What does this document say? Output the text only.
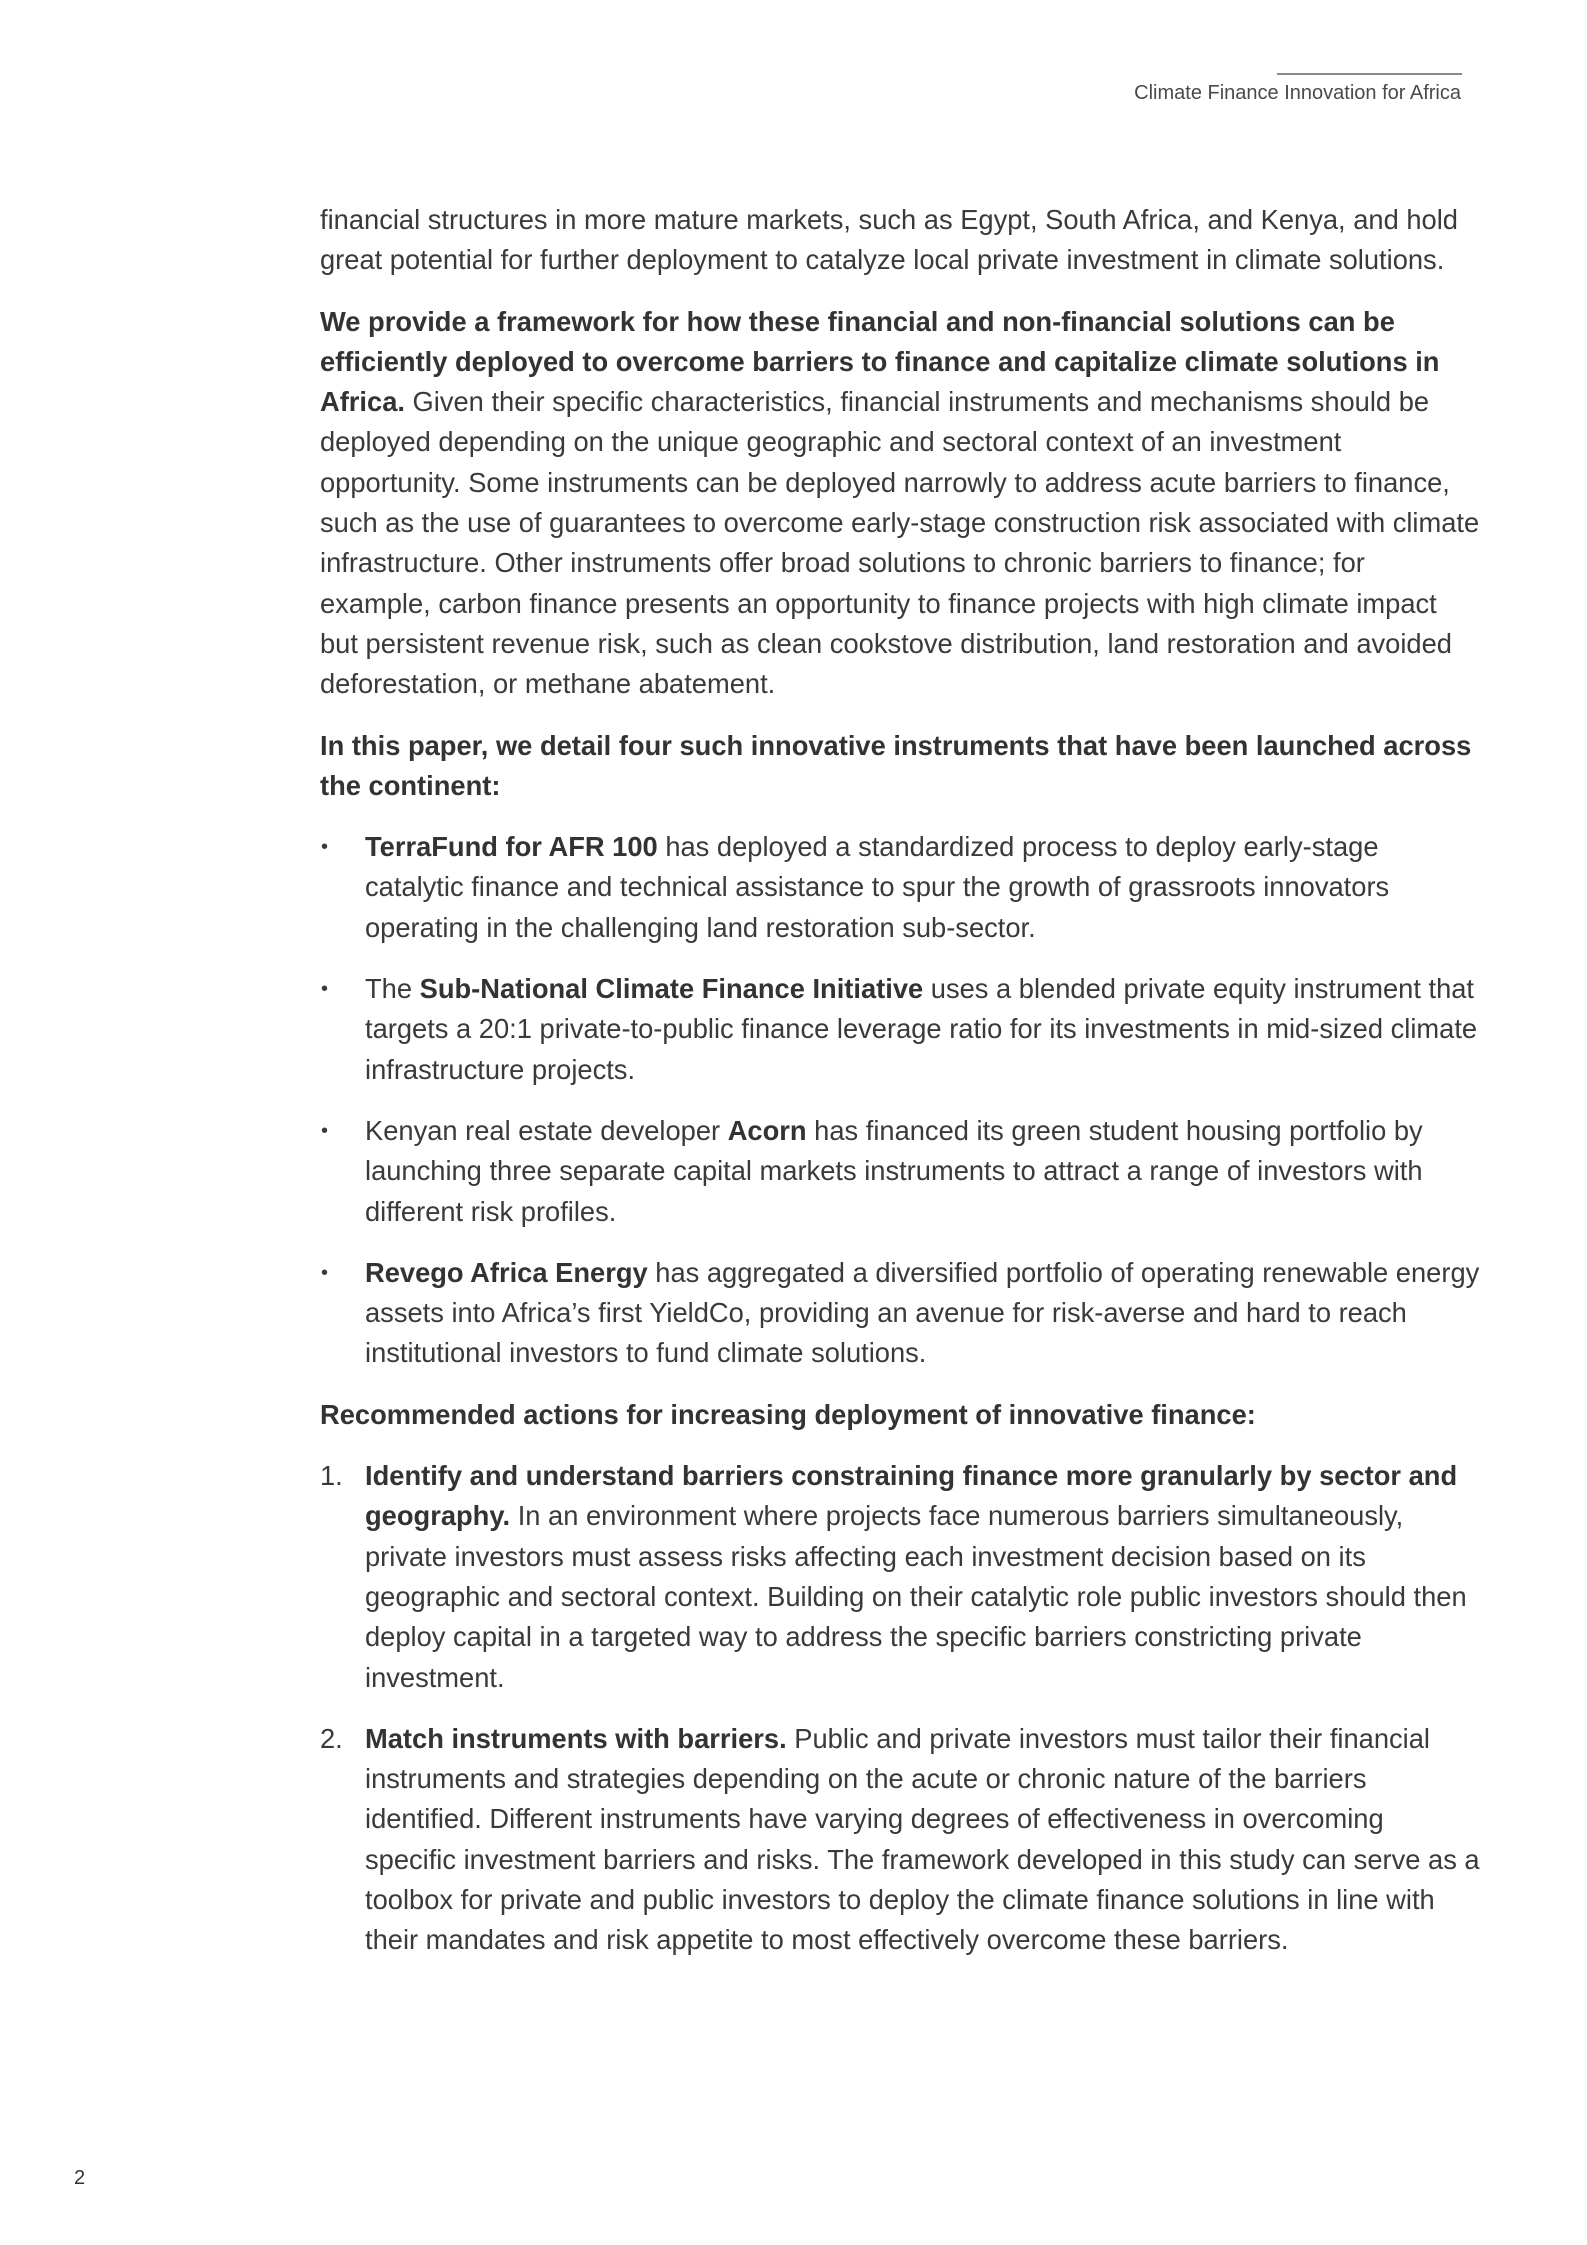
Climate Finance Innovation for Africa

financial structures in more mature markets, such as Egypt, South Africa, and Kenya, and hold great potential for further deployment to catalyze local private investment in climate solutions.

We provide a framework for how these financial and non-financial solutions can be efficiently deployed to overcome barriers to finance and capitalize climate solutions in Africa. Given their specific characteristics, financial instruments and mechanisms should be deployed depending on the unique geographic and sectoral context of an investment opportunity. Some instruments can be deployed narrowly to address acute barriers to finance, such as the use of guarantees to overcome early-stage construction risk associated with climate infrastructure. Other instruments offer broad solutions to chronic barriers to finance; for example, carbon finance presents an opportunity to finance projects with high climate impact but persistent revenue risk, such as clean cookstove distribution, land restoration and avoided deforestation, or methane abatement.

In this paper, we detail four such innovative instruments that have been launched across the continent:

• TerraFund for AFR 100 has deployed a standardized process to deploy early-stage catalytic finance and technical assistance to spur the growth of grassroots innovators operating in the challenging land restoration sub-sector.
• The Sub-National Climate Finance Initiative uses a blended private equity instrument that targets a 20:1 private-to-public finance leverage ratio for its investments in mid-sized climate infrastructure projects.
• Kenyan real estate developer Acorn has financed its green student housing portfolio by launching three separate capital markets instruments to attract a range of investors with different risk profiles.
• Revego Africa Energy has aggregated a diversified portfolio of operating renewable energy assets into Africa’s first YieldCo, providing an avenue for risk-averse and hard to reach institutional investors to fund climate solutions.

Recommended actions for increasing deployment of innovative finance:

1. Identify and understand barriers constraining finance more granularly by sector and geography. In an environment where projects face numerous barriers simultaneously, private investors must assess risks affecting each investment decision based on its geographic and sectoral context. Building on their catalytic role public investors should then deploy capital in a targeted way to address the specific barriers constricting private investment.
2. Match instruments with barriers. Public and private investors must tailor their financial instruments and strategies depending on the acute or chronic nature of the barriers identified. Different instruments have varying degrees of effectiveness in overcoming specific investment barriers and risks. The framework developed in this study can serve as a toolbox for private and public investors to deploy the climate finance solutions in line with their mandates and risk appetite to most effectively overcome these barriers.
2
